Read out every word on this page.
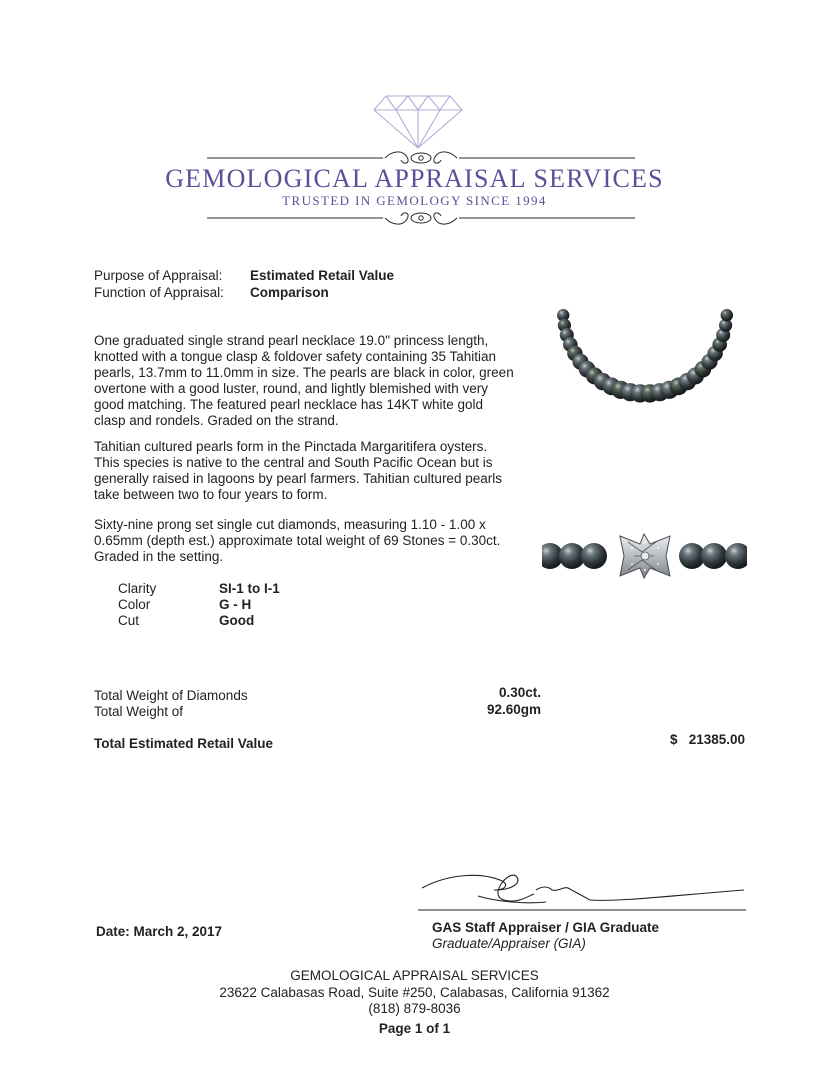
GEMOLOGICAL APPRAISAL SERVICES
TRUSTED IN GEMOLOGY SINCE 1994
Purpose of Appraisal: Estimated Retail Value
Function of Appraisal: Comparison
One graduated single strand pearl necklace 19.0" princess length, knotted with a tongue clasp & foldover safety containing 35 Tahitian pearls, 13.7mm to 11.0mm in size. The pearls are black in color, green overtone with a good luster, round, and lightly blemished with very good matching. The featured pearl necklace has 14KT white gold clasp and rondels. Graded on the strand.
Tahitian cultured pearls form in the Pinctada Margaritifera oysters. This species is native to the central and South Pacific Ocean but is generally raised in lagoons by pearl farmers. Tahitian cultured pearls take between two to four years to form.
Sixty-nine prong set single cut diamonds, measuring 1.10 - 1.00 x 0.65mm (depth est.) approximate total weight of 69 Stones = 0.30ct. Graded in the setting.
Clarity	SI-1 to I-1
Color	G - H
Cut	Good
Total Weight of Diamonds	0.30ct.
Total Weight of	92.60gm
Total Estimated Retail Value	$ 21385.00
Date: March 2, 2017	GAS Staff Appraiser / GIA Graduate
Graduate/Appraiser (GIA)
GEMOLOGICAL APPRAISAL SERVICES
23622 Calabasas Road, Suite #250, Calabasas, California 91362
(818) 879-8036
Page 1 of 1
